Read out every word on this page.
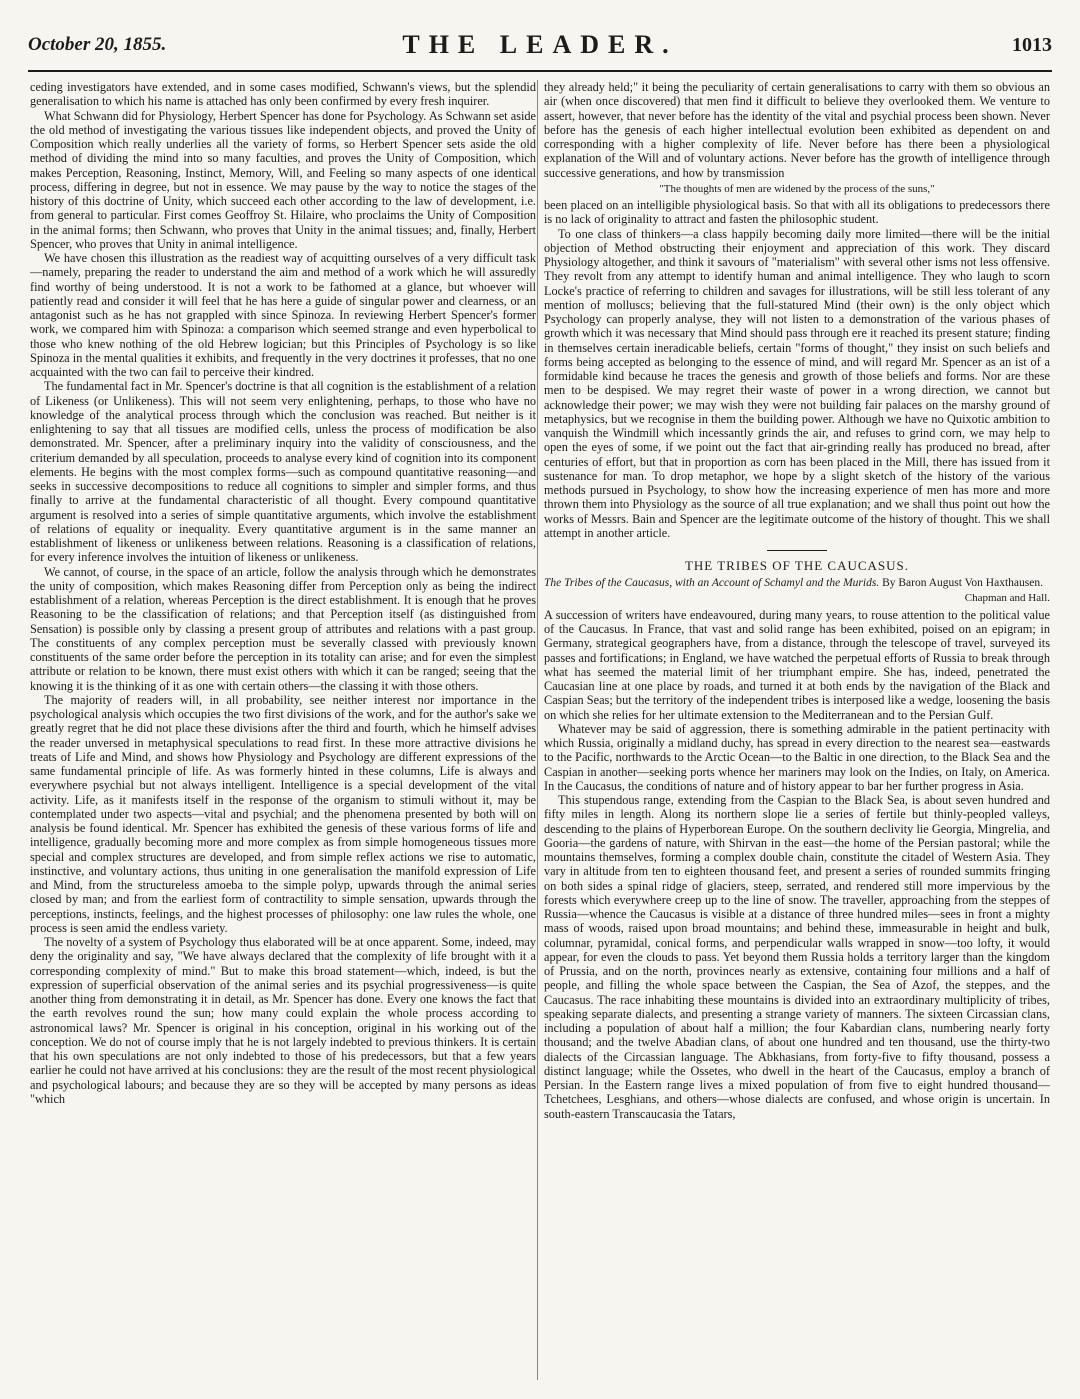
October 20, 1855.	THE LEADER.	1013

ceding investigators have extended, and in some cases modified, Schwann's views, but the splendid generalisation to which his name is attached has only been confirmed by every fresh inquirer.

What Schwann did for Physiology, Herbert Spencer has done for Psychology. As Schwann set aside the old method of investigating the various tissues like independent objects, and proved the Unity of Composition which really underlies all the variety of forms, so Herbert Spencer sets aside the old method of dividing the mind into so many faculties, and proves the Unity of Composition, which makes Perception, Reasoning, Instinct, Memory, Will, and Feeling so many aspects of one identical process, differing in degree, but not in essence. We may pause by the way to notice the stages of the history of this doctrine of Unity, which succeed each other according to the law of development, i.e. from general to particular. First comes Geoffroy St. Hilaire, who proclaims the Unity of Composition in the animal forms; then Schwann, who proves that Unity in the animal tissues; and, finally, Herbert Spencer, who proves that Unity in animal intelligence.

We have chosen this illustration as the readiest way of acquitting ourselves of a very difficult task—namely, preparing the reader to understand the aim and method of a work which he will assuredly find worthy of being understood. It is not a work to be fathomed at a glance, but whoever will patiently read and consider it will feel that he has here a guide of singular power and clearness, or an antagonist such as he has not grappled with since Spinoza. In reviewing Herbert Spencer's former work, we compared him with Spinoza: a comparison which seemed strange and even hyperbolical to those who knew nothing of the old Hebrew logician; but this Principles of Psychology is so like Spinoza in the mental qualities it exhibits, and frequently in the very doctrines it professes, that no one acquainted with the two can fail to perceive their kindred.

The fundamental fact in Mr. Spencer's doctrine is that all cognition is the establishment of a relation of Likeness (or Unlikeness). This will not seem very enlightening, perhaps, to those who have no knowledge of the analytical process through which the conclusion was reached. But neither is it enlightening to say that all tissues are modified cells, unless the process of modification be also demonstrated. Mr. Spencer, after a preliminary inquiry into the validity of consciousness, and the criterium demanded by all speculation, proceeds to analyse every kind of cognition into its component elements. He begins with the most complex forms—such as compound quantitative reasoning—and seeks in successive decompositions to reduce all cognitions to simpler and simpler forms, and thus finally to arrive at the fundamental characteristic of all thought. Every compound quantitative argument is resolved into a series of simple quantitative arguments, which involve the establishment of relations of equality or inequality. Every quantitative argument is in the same manner an establishment of likeness or unlikeness between relations. Reasoning is a classification of relations, for every inference involves the intuition of likeness or unlikeness.

We cannot, of course, in the space of an article, follow the analysis through which he demonstrates the unity of composition, which makes Reasoning differ from Perception only as being the indirect establishment of a relation, whereas Perception is the direct establishment. It is enough that he proves Reasoning to be the classification of relations; and that Perception itself (as distinguished from Sensation) is possible only by classing a present group of attributes and relations with a past group. The constituents of any complex perception must be severally classed with previously known constituents of the same order before the perception in its totality can arise; and for even the simplest attribute or relation to be known, there must exist others with which it can be ranged; seeing that the knowing it is the thinking of it as one with certain others—the classing it with those others.

The majority of readers will, in all probability, see neither interest nor importance in the psychological analysis which occupies the two first divisions of the work, and for the author's sake we greatly regret that he did not place these divisions after the third and fourth, which he himself advises the reader unversed in metaphysical speculations to read first. In these more attractive divisions he treats of Life and Mind, and shows how Physiology and Psychology are different expressions of the same fundamental principle of life. As was formerly hinted in these columns, Life is always and everywhere psychial but not always intelligent. Intelligence is a special development of the vital activity. Life, as it manifests itself in the response of the organism to stimuli without it, may be contemplated under two aspects—vital and psychial; and the phenomena presented by both will on analysis be found identical. Mr. Spencer has exhibited the genesis of these various forms of life and intelligence, gradually becoming more and more complex as from simple homogeneous tissues more special and complex structures are developed, and from simple reflex actions we rise to automatic, instinctive, and voluntary actions, thus uniting in one generalisation the manifold expression of Life and Mind, from the structureless amoeba to the simple polyp, upwards through the animal series closed by man; and from the earliest form of contractility to simple sensation, upwards through the perceptions, instincts, feelings, and the highest processes of philosophy: one law rules the whole, one process is seen amid the endless variety.

The novelty of a system of Psychology thus elaborated will be at once apparent. Some, indeed, may deny the originality and say, "We have always declared that the complexity of life brought with it a corresponding complexity of mind." But to make this broad statement—which, indeed, is but the expression of superficial observation of the animal series and its psychial progressiveness—is quite another thing from demonstrating it in detail, as Mr. Spencer has done. Every one knows the fact that the earth revolves round the sun; how many could explain the whole process according to astronomical laws? Mr. Spencer is original in his conception, original in his working out of the conception. We do not of course imply that he is not largely indebted to previous thinkers. It is certain that his own speculations are not only indebted to those of his predecessors, but that a few years earlier he could not have arrived at his conclusions: they are the result of the most recent physiological and psychological labours; and because they are so they will be accepted by many persons as ideas "which

they already held;" it being the peculiarity of certain generalisations to carry with them so obvious an air (when once discovered) that men find it difficult to believe they overlooked them. We venture to assert, however, that never before has the identity of the vital and psychial process been shown. Never before has the genesis of each higher intellectual evolution been exhibited as dependent on and corresponding with a higher complexity of life. Never before has there been a physiological explanation of the Will and of voluntary actions. Never before has the growth of intelligence through successive generations, and how by transmission

"The thoughts of men are widened by the process of the suns,"

been placed on an intelligible physiological basis. So that with all its obligations to predecessors there is no lack of originality to attract and fasten the philosophic student.

To one class of thinkers—a class happily becoming daily more limited—there will be the initial objection of Method obstructing their enjoyment and appreciation of this work. They discard Physiology altogether, and think it savours of "materialism" with several other isms not less offensive. They revolt from any attempt to identify human and animal intelligence. They who laugh to scorn Locke's practice of referring to children and savages for illustrations, will be still less tolerant of any mention of molluscs; believing that the full-statured Mind (their own) is the only object which Psychology can properly analyse, they will not listen to a demonstration of the various phases of growth which it was necessary that Mind should pass through ere it reached its present stature; finding in themselves certain ineradicable beliefs, certain "forms of thought," they insist on such beliefs and forms being accepted as belonging to the essence of mind, and will regard Mr. Spencer as an ist of a formidable kind because he traces the genesis and growth of those beliefs and forms. Nor are these men to be despised. We may regret their waste of power in a wrong direction, we cannot but acknowledge their power; we may wish they were not building fair palaces on the marshy ground of metaphysics, but we recognise in them the building power. Although we have no Quixotic ambition to vanquish the Windmill which incessantly grinds the air, and refuses to grind corn, we may help to open the eyes of some, if we point out the fact that air-grinding really has produced no bread, after centuries of effort, but that in proportion as corn has been placed in the Mill, there has issued from it sustenance for man. To drop metaphor, we hope by a slight sketch of the history of the various methods pursued in Psychology, to show how the increasing experience of men has more and more thrown them into Physiology as the source of all true explanation; and we shall thus point out how the works of Messrs. Bain and Spencer are the legitimate outcome of the history of thought. This we shall attempt in another article.

THE TRIBES OF THE CAUCASUS.

The Tribes of the Caucasus, with an Account of Schamyl and the Murids. By Baron August Von Haxthausen.
Chapman and Hall.

A succession of writers have endeavoured, during many years, to rouse attention to the political value of the Caucasus. In France, that vast and solid range has been exhibited, poised on an epigram; in Germany, strategical geographers have, from a distance, through the telescope of travel, surveyed its passes and fortifications; in England, we have watched the perpetual efforts of Russia to break through what has seemed the material limit of her triumphant empire. She has, indeed, penetrated the Caucasian line at one place by roads, and turned it at both ends by the navigation of the Black and Caspian Seas; but the territory of the independent tribes is interposed like a wedge, loosening the basis on which she relies for her ultimate extension to the Mediterranean and to the Persian Gulf.

Whatever may be said of aggression, there is something admirable in the patient pertinacity with which Russia, originally a midland duchy, has spread in every direction to the nearest sea—eastwards to the Pacific, northwards to the Arctic Ocean—to the Baltic in one direction, to the Black Sea and the Caspian in another—seeking ports whence her mariners may look on the Indies, on Italy, on America. In the Caucasus, the conditions of nature and of history appear to bar her further progress in Asia.

This stupendous range, extending from the Caspian to the Black Sea, is about seven hundred and fifty miles in length. Along its northern slope lie a series of fertile but thinly-peopled valleys, descending to the plains of Hyperborean Europe. On the southern declivity lie Georgia, Mingrelia, and Gooria—the gardens of nature, with Shirvan in the east—the home of the Persian pastoral; while the mountains themselves, forming a complex double chain, constitute the citadel of Western Asia. They vary in altitude from ten to eighteen thousand feet, and present a series of rounded summits fringing on both sides a spinal ridge of glaciers, steep, serrated, and rendered still more impervious by the forests which everywhere creep up to the line of snow. The traveller, approaching from the steppes of Russia—whence the Caucasus is visible at a distance of three hundred miles—sees in front a mighty mass of woods, raised upon broad mountains; and behind these, immeasurable in height and bulk, columnar, pyramidal, conical forms, and perpendicular walls wrapped in snow—too lofty, it would appear, for even the clouds to pass. Yet beyond them Russia holds a territory larger than the kingdom of Prussia, and on the north, provinces nearly as extensive, containing four millions and a half of people, and filling the whole space between the Caspian, the Sea of Azof, the steppes, and the Caucasus. The race inhabiting these mountains is divided into an extraordinary multiplicity of tribes, speaking separate dialects, and presenting a strange variety of manners. The sixteen Circassian clans, including a population of about half a million; the four Kabardian clans, numbering nearly forty thousand; and the twelve Abadian clans, of about one hundred and ten thousand, use the thirty-two dialects of the Circassian language. The Abkhasians, from forty-five to fifty thousand, possess a distinct language; while the Ossetes, who dwell in the heart of the Caucasus, employ a branch of Persian. In the Eastern range lives a mixed population of from five to eight hundred thousand—Tchetchees, Lesghians, and others—whose dialects are confused, and whose origin is uncertain. In south-eastern Transcaucasia the Tatars,
